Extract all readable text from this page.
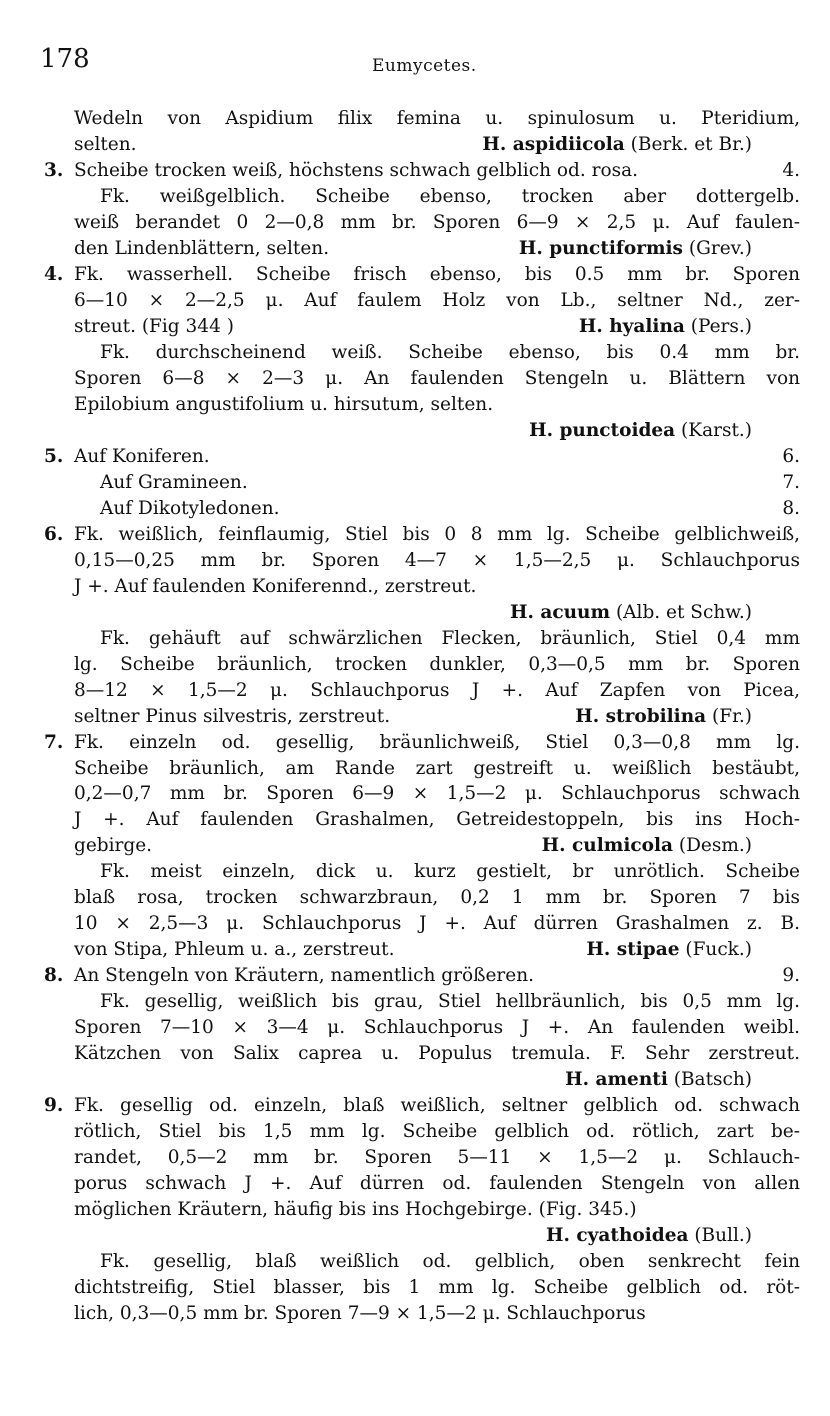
178	Eumycetes.
Wedeln von Aspidium filix femina u. spinulosum u. Pteridium,
selten.	H. aspidiicola (Berk. et Br.)
3. Scheibe trocken weiß, höchstens schwach gelblich od. rosa.	4.
Fk. weißgelblich. Scheibe ebenso, trocken aber dottergelb.
weiß berandet 0 2—0,8 mm br. Sporen 6—9 × 2,5 μ. Auf faulen-
den Lindenblättern, selten.	H. punctiformis (Grev.)
4. Fk. wasserhell. Scheibe frisch ebenso, bis 0.5 mm br. Sporen
6—10 × 2—2,5 μ. Auf faulem Holz von Lb., seltner Nd., zer-
streut. (Fig 344 )	H. hyalina (Pers.)
Fk. durchscheinend weiß. Scheibe ebenso, bis 0.4 mm br.
Sporen 6—8 × 2—3 μ. An faulenden Stengeln u. Blättern von
Epilobium angustifolium u. hirsutum, selten.
H. punctoidea (Karst.)
5. Auf Koniferen.	6.
Auf Gramineen.	7.
Auf Dikotyledonen.	8.
6. Fk. weißlich, feinflaumig, Stiel bis 0 8 mm lg. Scheibe gelblichweiß,
0,15—0,25 mm br. Sporen 4—7 × 1,5—2,5 μ. Schlauchporus
J +. Auf faulenden Koniferennd., zerstreut.
H. acuum (Alb. et Schw.)
Fk. gehäuft auf schwärzlichen Flecken, bräunlich, Stiel 0,4 mm
lg. Scheibe bräunlich, trocken dunkler, 0,3—0,5 mm br. Sporen
8—12 × 1,5—2 μ. Schlauchporus J +. Auf Zapfen von Picea,
seltner Pinus silvestris, zerstreut.	H. strobilina (Fr.)
7. Fk. einzeln od. gesellig, bräunlichweiß, Stiel 0,3—0,8 mm lg.
Scheibe bräunlich, am Rande zart gestreift u. weißlich bestäubt,
0,2—0,7 mm br. Sporen 6—9 × 1,5—2 μ. Schlauchporus schwach
J +. Auf faulenden Grashalmen, Getreidestoppeln, bis ins Hoch-
gebirge.	H. culmicola (Desm.)
Fk. meist einzeln, dick u. kurz gestielt, br unrötlich. Scheibe
blaß rosa, trocken schwarzbraun, 0,2 1 mm br. Sporen 7 bis
10 × 2,5—3 μ. Schlauchporus J +. Auf dürren Grashalmen z. B.
von Stipa, Phleum u. a., zerstreut.	H. stipae (Fuck.)
8. An Stengeln von Kräutern, namentlich größeren.	9.
Fk. gesellig, weißlich bis grau, Stiel hellbräunlich, bis 0,5 mm lg.
Sporen 7—10 × 3—4 μ. Schlauchporus J +. An faulenden weibl.
Kätzchen von Salix caprea u. Populus tremula. F. Sehr zerstreut.
H. amenti (Batsch)
9. Fk. gesellig od. einzeln, blaß weißlich, seltner gelblich od. schwach
rötlich, Stiel bis 1,5 mm lg. Scheibe gelblich od. rötlich, zart be-
randet, 0,5—2 mm br. Sporen 5—11 × 1,5—2 μ. Schlauch-
porus schwach J +. Auf dürren od. faulenden Stengeln von allen
möglichen Kräutern, häufig bis ins Hochgebirge. (Fig. 345.)
H. cyathoidea (Bull.)
Fk. gesellig, blaß weißlich od. gelblich, oben senkrecht fein
dichtstreifig, Stiel blasser, bis 1 mm lg. Scheibe gelblich od. röt-
lich, 0,3—0,5 mm br. Sporen 7—9 × 1,5—2 μ. Schlauchporus
